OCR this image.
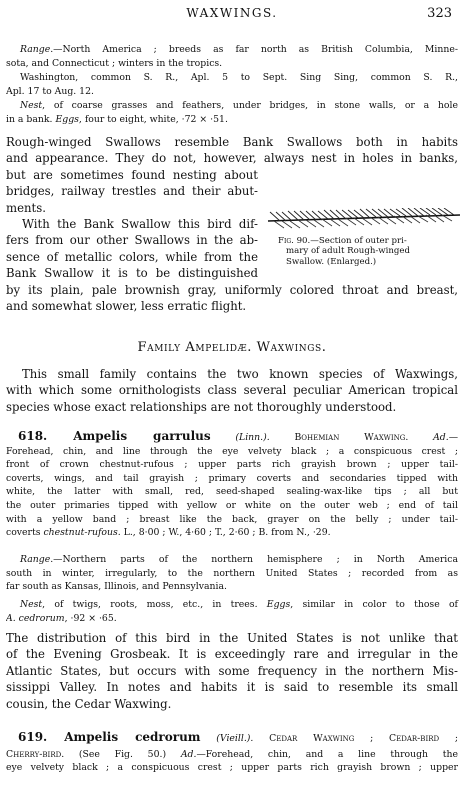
WAXWINGS.	323
Range.—North America ; breeds as far north as British Columbia, Minne-
sota, and Connecticut ; winters in the tropics.
Washington, common S. R., Apl. 5 to Sept. Sing Sing, common S. R.,
Apl. 17 to Aug. 12.
Nest, of coarse grasses and feathers, under bridges, in stone walls, or a hole
in a bank. Eggs, four to eight, white, ·72 × ·51.
Rough-winged Swallows resemble Bank Swallows both in habits
and appearance. They do not, however, always nest in holes in banks,
but are sometimes found nesting about
bridges, railway trestles and their abut-
ments.
With the Bank Swallow this bird dif-
fers from our other Swallows in the ab-
sence of metallic colors, while from the
Bank Swallow it is to be distinguished
by its plain, pale brownish gray, uniformly colored throat and breast,
and somewhat slower, less erratic flight.
Fig. 90.—Section of outer pri-
mary of adult Rough-winged
Swallow. (Enlarged.)
Family Ampelidæ. Waxwings.
This small family contains the two known species of Waxwings,
with which some ornithologists class several peculiar American tropical
species whose exact relationships are not thoroughly understood.
618. Ampelis garrulus	(Linn.).	Bohemian Waxwing.	Ad.—
Forehead, chin, and line through the eye velvety black ; a conspicuous crest ;
front of crown chestnut-rufous ; upper parts rich grayish brown ; upper tail-
coverts, wings, and tail grayish ; primary coverts and secondaries tipped with
white, the latter with small, red, seed-shaped sealing-wax-like tips ; all but
the outer primaries tipped with yellow or white on the outer web ; end of tail
with a yellow band ; breast like the back, grayer on the belly ; under tail-
coverts chestnut-rufous. L., 8·00 ; W., 4·60 ; T., 2·60 ; B. from N., ·29.
Range.—Northern parts of the northern hemisphere ; in North America
south in winter, irregularly, to the northern United States ; recorded from as
far south as Kansas, Illinois, and Pennsylvania.
Nest, of twigs, roots, moss, etc., in trees. Eggs, similar in color to those of
A. cedrorum, ·92 × ·65.
The distribution of this bird in the United States is not unlike that
of the Evening Grosbeak. It is exceedingly rare and irregular in the
Atlantic States, but occurs with some frequency in the northern Mis-
sissippi Valley. In notes and habits it is said to resemble its small
cousin, the Cedar Waxwing.
619. Ampelis cedrorum (Vieill.). Cedar Waxwing ; Cedar-bird ;
Cherry-bird. (See Fig. 50.) Ad.—Forehead, chin, and a line through the
eye velvety black ; a conspicuous crest ; upper parts rich grayish brown ; upper
